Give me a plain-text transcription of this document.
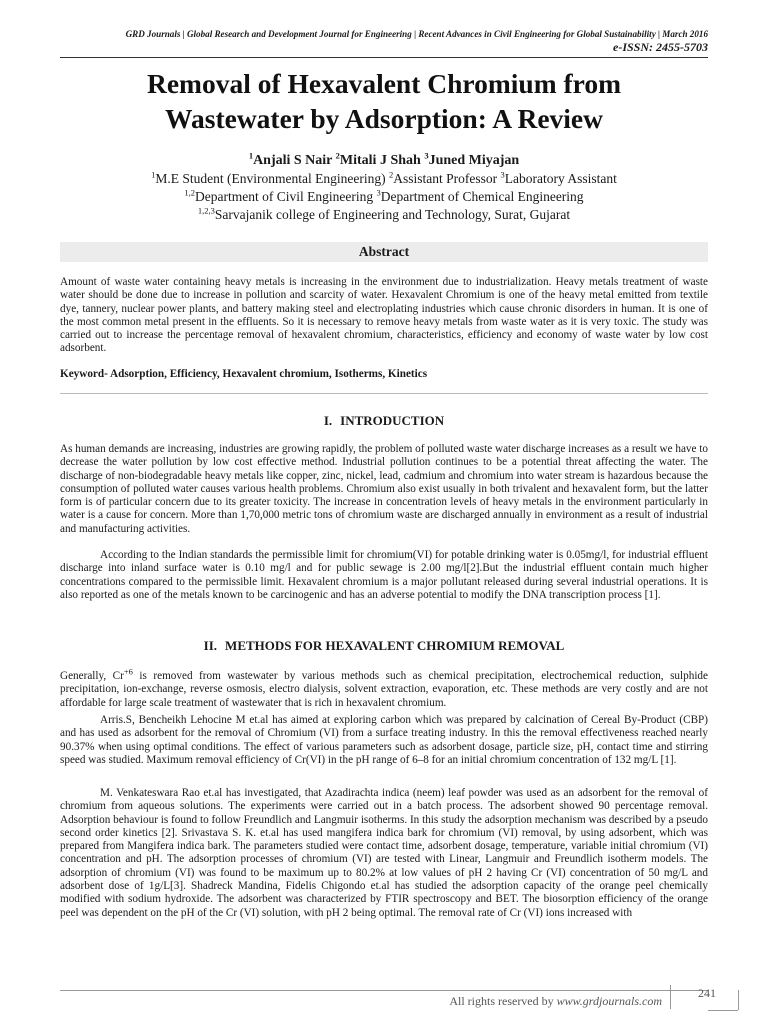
GRD Journals | Global Research and Development Journal for Engineering | Recent Advances in Civil Engineering for Global Sustainability | March 2016
e-ISSN: 2455-5703
Removal of Hexavalent Chromium from
Wastewater by Adsorption: A Review
$^1$Anjali S Nair $^2$Mitali J Shah $^3$Juned Miyajan
$^1$M.E Student (Environmental Engineering) $^2$Assistant Professor $^3$Laboratory Assistant
$^{1,2}$Department of Civil Engineering $^3$Department of Chemical Engineering
$^{1,2,3}$Sarvajanik college of Engineering and Technology, Surat, Gujarat
Abstract

Amount of waste water containing heavy metals is increasing in the environment due to industrialization. Heavy metals treatment of waste water should be done due to increase in pollution and scarcity of water. Hexavalent Chromium is one of the heavy metal emitted from textile dye, tannery, nuclear power plants, and battery making steel and electroplating industries which cause chronic disorders in human. It is one of the most common metal present in the effluents. So it is necessary to remove heavy metals from waste water as it is very toxic. The study was carried out to increase the percentage removal of hexavalent chromium, characteristics, efficiency and economy of waste water by low cost adsorbent.

Keyword- Adsorption, Efficiency, Hexavalent chromium, Isotherms, Kinetics

I. INTRODUCTION

As human demands are increasing, industries are growing rapidly, the problem of polluted waste water discharge increases as a result we have to decrease the water pollution by low cost effective method. Industrial pollution continues to be a potential threat affecting the water. The discharge of non-biodegradable heavy metals like copper, zinc, nickel, lead, cadmium and chromium into water stream is hazardous because the consumption of polluted water causes various health problems. Chromium also exist usually in both trivalent and hexavalent form, but the latter form is of particular concern due to its greater toxicity. The increase in concentration levels of heavy metals in the environment particularly in water is a cause for concern. More than 1,70,000 metric tons of chromium waste are discharged annually in environment as a result of industrial and manufacturing activities.

According to the Indian standards the permissible limit for chromium(VI) for potable drinking water is 0.05mg/l, for industrial effluent discharge into inland surface water is 0.10 mg/l and for public sewage is 2.00 mg/l[2].But the industrial effluent contain much higher concentrations compared to the permissible limit. Hexavalent chromium is a major pollutant released during several industrial operations. It is also reported as one of the metals known to be carcinogenic and has an adverse potential to modify the DNA transcription process [1].

II. METHODS FOR HEXAVALENT CHROMIUM REMOVAL

Generally, $Cr^{+6}$ is removed from wastewater by various methods such as chemical precipitation, electrochemical reduction, sulphide precipitation, ion-exchange, reverse osmosis, electro dialysis, solvent extraction, evaporation, etc. These methods are very costly and are not affordable for large scale treatment of wastewater that is rich in hexavalent chromium.

Arris.S, Bencheikh Lehocine M et.al has aimed at exploring carbon which was prepared by calcination of Cereal By-Product (CBP) and has used as adsorbent for the removal of Chromium (VI) from a surface treating industry. In this the removal effectiveness reached nearly 90.37% when using optimal conditions. The effect of various parameters such as adsorbent dosage, particle size, pH, contact time and stirring speed was studied. Maximum removal efficiency of Cr(VI) in the pH range of 6–8 for an initial chromium concentration of 132 mg/L [1].

M. Venkateswara Rao et.al has investigated, that Azadirachta indica (neem) leaf powder was used as an adsorbent for the removal of chromium from aqueous solutions. The experiments were carried out in a batch process. The adsorbent showed 90 percentage removal. Adsorption behaviour is found to follow Freundlich and Langmuir isotherms. In this study the adsorption mechanism was described by a pseudo second order kinetics [2]. Srivastava S. K. et.al has used mangifera indica bark for chromium (VI) removal, by using adsorbent, which was prepared from Mangifera indica bark. The parameters studied were contact time, adsorbent dosage, temperature, variable initial chromium (VI) concentration and pH. The adsorption processes of chromium (VI) are tested with Linear, Langmuir and Freundlich isotherm models. The adsorption of chromium (VI) was found to be maximum up to 80.2% at low values of pH 2 having Cr (VI) concentration of 50 mg/L and adsorbent dose of 1g/L[3]. Shadreck Mandina, Fidelis Chigondo et.al has studied the adsorption capacity of the orange peel chemically modified with sodium hydroxide. The adsorbent was characterized by FTIR spectroscopy and BET. The biosorption efficiency of the orange peel was dependent on the pH of the Cr (VI) solution, with pH 2 being optimal. The removal rate of Cr (VI) ions increased with

All rights reserved by www.grdjournals.com
241
